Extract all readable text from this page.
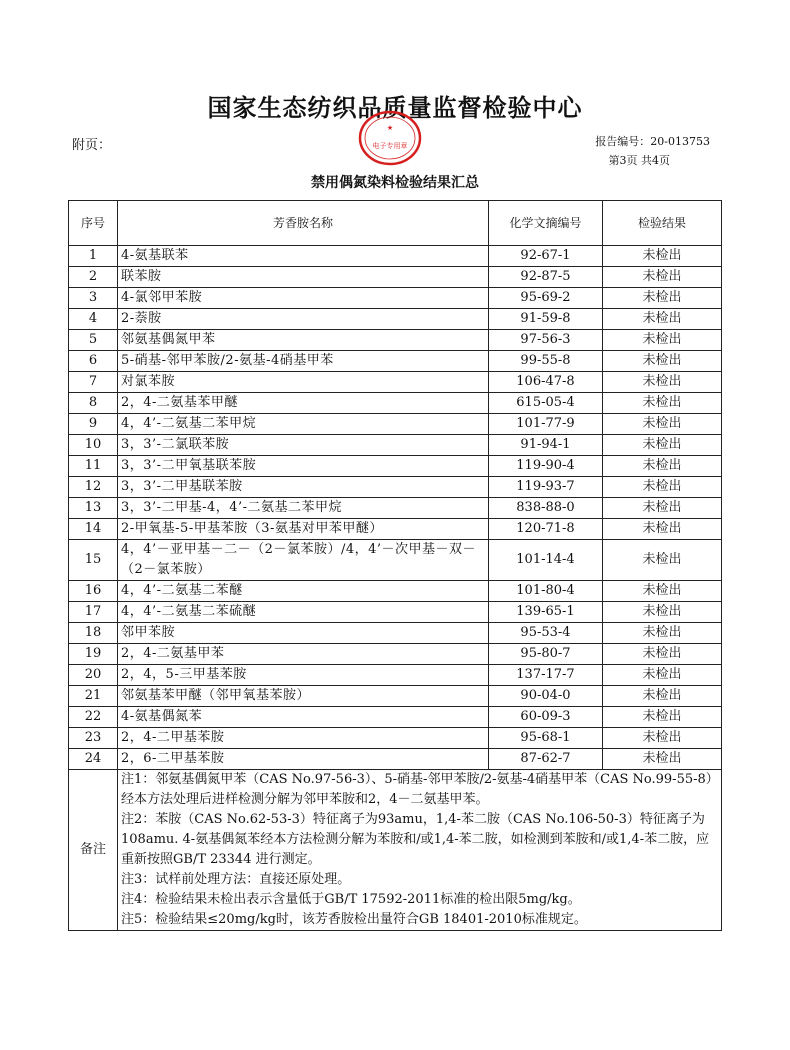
国家生态纺织品质量监督检验中心
★
电子专用章
附页：	报告编号：20-013753
第3页 共4页
禁用偶氮染料检验结果汇总
序号	芳香胺名称	化学文摘编号	检验结果
1	4-氨基联苯	92-67-1	未检出
2	联苯胺	92-87-5	未检出
3	4-氯邻甲苯胺	95-69-2	未检出
4	2-萘胺	91-59-8	未检出
5	邻氨基偶氮甲苯	97-56-3	未检出
6	5-硝基-邻甲苯胺/2-氨基-4硝基甲苯	99-55-8	未检出
7	对氯苯胺	106-47-8	未检出
8	2，4-二氨基苯甲醚	615-05-4	未检出
9	4，4’-二氨基二苯甲烷	101-77-9	未检出
10	3，3’-二氯联苯胺	91-94-1	未检出
11	3，3’-二甲氧基联苯胺	119-90-4	未检出
12	3，3’-二甲基联苯胺	119-93-7	未检出
13	3，3’-二甲基-4，4’-二氨基二苯甲烷	838-88-0	未检出
14	2-甲氧基-5-甲基苯胺（3-氨基对甲苯甲醚）	120-71-8	未检出
15	4，4’－亚甲基－二－（2－氯苯胺）/4，4’－次甲基－双－（2－氯苯胺）	101-14-4	未检出
16	4，4’-二氨基二苯醚	101-80-4	未检出
17	4，4’-二氨基二苯硫醚	139-65-1	未检出
18	邻甲苯胺	95-53-4	未检出
19	2，4-二氨基甲苯	95-80-7	未检出
20	2，4，5-三甲基苯胺	137-17-7	未检出
21	邻氨基苯甲醚（邻甲氧基苯胺）	90-04-0	未检出
22	4-氨基偶氮苯	60-09-3	未检出
23	2，4-二甲基苯胺	95-68-1	未检出
24	2，6-二甲基苯胺	87-62-7	未检出
备注	注1：邻氨基偶氮甲苯（CAS No.97-56-3）、5-硝基-邻甲苯胺/2-氨基-4硝基甲苯（CAS No.99-55-8）经本方法处理后进样检测分解为邻甲苯胺和2，4－二氨基甲苯。
注2：苯胺（CAS No.62-53-3）特征离子为93amu，1,4-苯二胺（CAS No.106-50-3）特征离子为108amu. 4-氨基偶氮苯经本方法检测分解为苯胺和/或1,4-苯二胺，如检测到苯胺和/或1,4-苯二胺，应重新按照GB/T 23344 进行测定。
注3：试样前处理方法：直接还原处理。
注4：检验结果未检出表示含量低于GB/T 17592-2011标准的检出限5mg/kg。
注5：检验结果≤20mg/kg时，该芳香胺检出量符合GB 18401-2010标准规定。		
